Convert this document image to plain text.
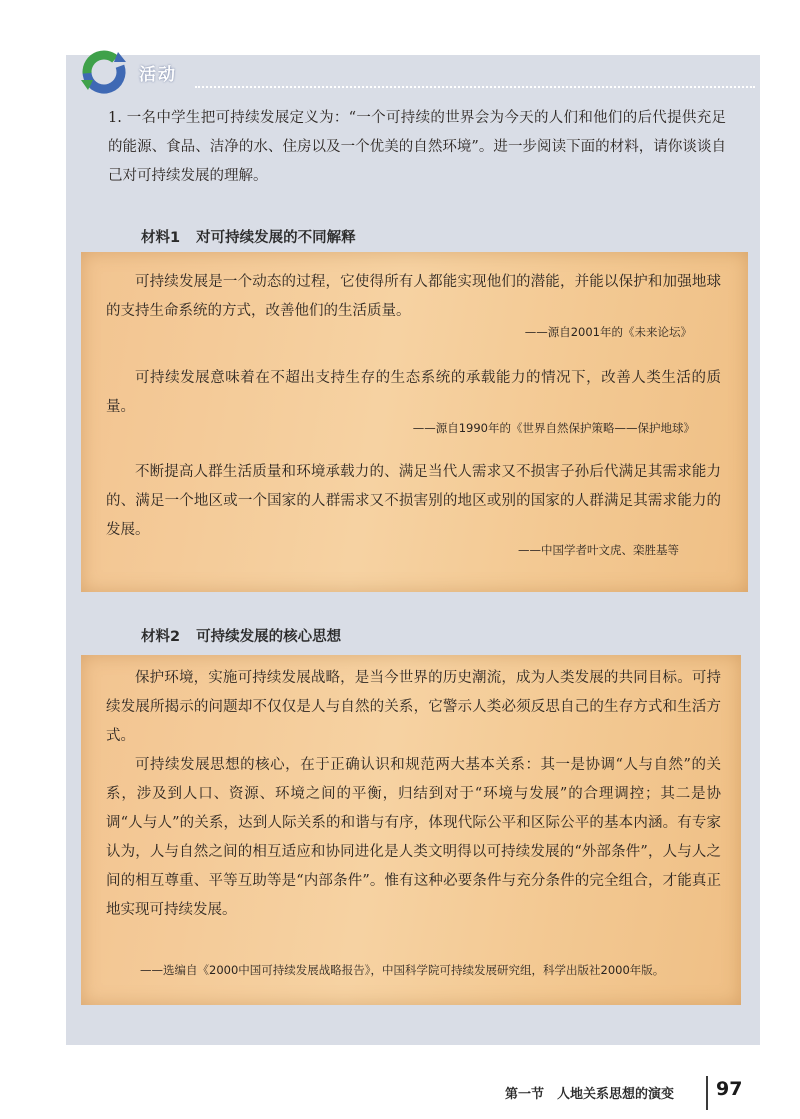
活动

1. 一名中学生把可持续发展定义为：“一个可持续的世界会为今天的人们和他们的后代提供充足的能源、食品、洁净的水、住房以及一个优美的自然环境”。进一步阅读下面的材料，请你谈谈自己对可持续发展的理解。

材料1 对可持续发展的不同解释

可持续发展是一个动态的过程，它使得所有人都能实现他们的潜能，并能以保护和加强地球的支持生命系统的方式，改善他们的生活质量。

——源自2001年的《未来论坛》

可持续发展意味着在不超出支持生存的生态系统的承载能力的情况下，改善人类生活的质量。

——源自1990年的《世界自然保护策略——保护地球》

不断提高人群生活质量和环境承载力的、满足当代人需求又不损害子孙后代满足其需求能力的、满足一个地区或一个国家的人群需求又不损害别的地区或别的国家的人群满足其需求能力的发展。

——中国学者叶文虎、栾胜基等

材料2 可持续发展的核心思想

保护环境，实施可持续发展战略，是当今世界的历史潮流，成为人类发展的共同目标。可持续发展所揭示的问题却不仅仅是人与自然的关系，它警示人类必须反思自己的生存方式和生活方式。

可持续发展思想的核心，在于正确认识和规范两大基本关系：其一是协调“人与自然”的关系，涉及到人口、资源、环境之间的平衡，归结到对于“环境与发展”的合理调控；其二是协调“人与人”的关系，达到人际关系的和谐与有序，体现代际公平和区际公平的基本内涵。有专家认为，人与自然之间的相互适应和协同进化是人类文明得以可持续发展的“外部条件”，人与人之间的相互尊重、平等互助等是“内部条件”。惟有这种必要条件与充分条件的完全组合，才能真正地实现可持续发展。

——选编自《2000中国可持续发展战略报告》，中国科学院可持续发展研究组，科学出版社2000年版。

第一节　人地关系思想的演变 97
